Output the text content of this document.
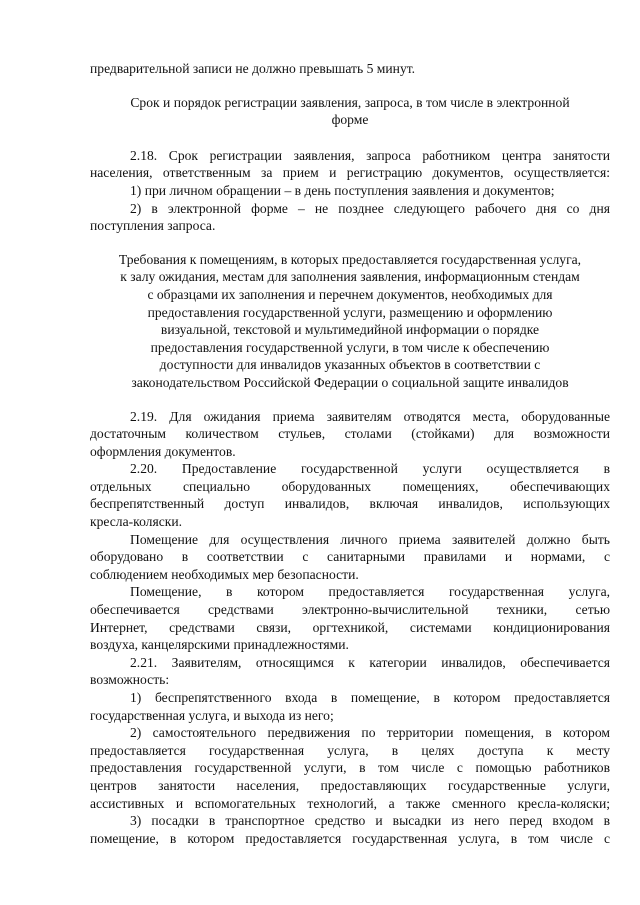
предварительной записи не должно превышать 5 минут.
Срок и порядок регистрации заявления, запроса, в том числе в электронной
форме
2.18. Срок регистрации заявления, запроса работником центра занятости
населения, ответственным за прием и регистрацию документов, осуществляется:
1) при личном обращении – в день поступления заявления и документов;
2) в электронной форме – не позднее следующего рабочего дня со дня
поступления запроса.
Требования к помещениям, в которых предоставляется государственная услуга,
к залу ожидания, местам для заполнения заявления, информационным стендам
с образцами их заполнения и перечнем документов, необходимых для
предоставления государственной услуги, размещению и оформлению
визуальной, текстовой и мультимедийной информации о порядке
предоставления государственной услуги, в том числе к обеспечению
доступности для инвалидов указанных объектов в соответствии с
законодательством Российской Федерации о социальной защите инвалидов
2.19. Для ожидания приема заявителям отводятся места, оборудованные
достаточным количеством стульев, столами (стойками) для возможности
оформления документов.
2.20. Предоставление государственной услуги осуществляется в
отдельных специально оборудованных помещениях, обеспечивающих
беспрепятственный доступ инвалидов, включая инвалидов, использующих
кресла-коляски.
Помещение для осуществления личного приема заявителей должно быть
оборудовано в соответствии с санитарными правилами и нормами, с
соблюдением необходимых мер безопасности.
Помещение, в котором предоставляется государственная услуга,
обеспечивается средствами электронно-вычислительной техники, сетью
Интернет, средствами связи, оргтехникой, системами кондиционирования
воздуха, канцелярскими принадлежностями.
2.21. Заявителям, относящимся к категории инвалидов, обеспечивается
возможность:
1) беспрепятственного входа в помещение, в котором предоставляется
государственная услуга, и выхода из него;
2) самостоятельного передвижения по территории помещения, в котором
предоставляется государственная услуга, в целях доступа к месту
предоставления государственной услуги, в том числе с помощью работников
центров занятости населения, предоставляющих государственные услуги,
ассистивных и вспомогательных технологий, а также сменного кресла-коляски;
3) посадки в транспортное средство и высадки из него перед входом в
помещение, в котором предоставляется государственная услуга, в том числе с
